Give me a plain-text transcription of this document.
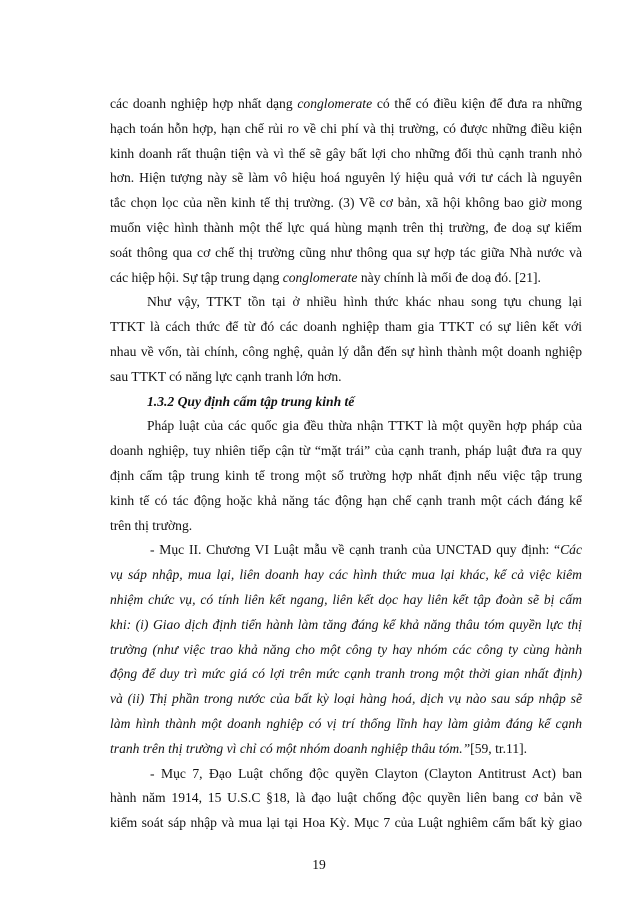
các doanh nghiệp hợp nhất dạng conglomerate có thể có điều kiện để đưa ra những
hạch toán hỗn hợp, hạn chế rủi ro về chi phí và thị trường, có được những điều kiện
kinh doanh rất thuận tiện và vì thế sẽ gây bất lợi cho những đối thủ cạnh tranh nhỏ
hơn. Hiện tượng này sẽ làm vô hiệu hoá nguyên lý hiệu quả với tư cách là nguyên
tắc chọn lọc của nền kinh tế thị trường. (3) Về cơ bản, xã hội không bao giờ mong
muốn việc hình thành một thế lực quá hùng mạnh trên thị trường, đe doạ sự kiếm
soát thông qua cơ chế thị trường cũng như thông qua sự hợp tác giữa Nhà nước và
các hiệp hội. Sự tập trung dạng conglomerate này chính là mối đe doạ đó. [21].
Như vậy, TTKT tồn tại ở nhiều hình thức khác nhau song tựu chung lại
TTKT là cách thức để từ đó các doanh nghiệp tham gia TTKT có sự liên kết với
nhau về vốn, tài chính, công nghệ, quản lý dẫn đến sự hình thành một doanh nghiệp
sau TTKT có năng lực cạnh tranh lớn hơn.
1.3.2 Quy định cấm tập trung kinh tế
Pháp luật của các quốc gia đều thừa nhận TTKT là một quyền hợp pháp của
doanh nghiệp, tuy nhiên tiếp cận từ “mặt trái” của cạnh tranh, pháp luật đưa ra quy
định cấm tập trung kinh tế trong một số trường hợp nhất định nếu việc tập trung
kinh tế có tác động hoặc khả năng tác động hạn chế cạnh tranh một cách đáng kể
trên thị trường.
- Mục II. Chương VI Luật mẫu về cạnh tranh của UNCTAD quy định: “Các
vụ sáp nhập, mua lại, liên doanh hay các hình thức mua lại khác, kể cả việc kiêm
nhiệm chức vụ, có tính liên kết ngang, liên kết dọc hay liên kết tập đoàn sẽ bị cấm
khi: (i) Giao dịch định tiến hành làm tăng đáng kể khả năng thâu tóm quyền lực thị
trường (như việc trao khả năng cho một công ty hay nhóm các công ty cùng hành
động để duy trì mức giá có lợi trên mức cạnh tranh trong một thời gian nhất định)
và (ii) Thị phần trong nước của bất kỳ loại hàng hoá, dịch vụ nào sau sáp nhập sẽ
làm hình thành một doanh nghiệp có vị trí thống lĩnh hay làm giảm đáng kể cạnh
tranh trên thị trường vì chỉ có một nhóm doanh nghiệp thâu tóm.”[59, tr.11].
- Mục 7, Đạo Luật chống độc quyền Clayton (Clayton Antitrust Act) ban
hành năm 1914, 15 U.S.C §18, là đạo luật chống độc quyền liên bang cơ bản về
kiểm soát sáp nhập và mua lại tại Hoa Kỳ. Mục 7 của Luật nghiêm cấm bất kỳ giao
19
